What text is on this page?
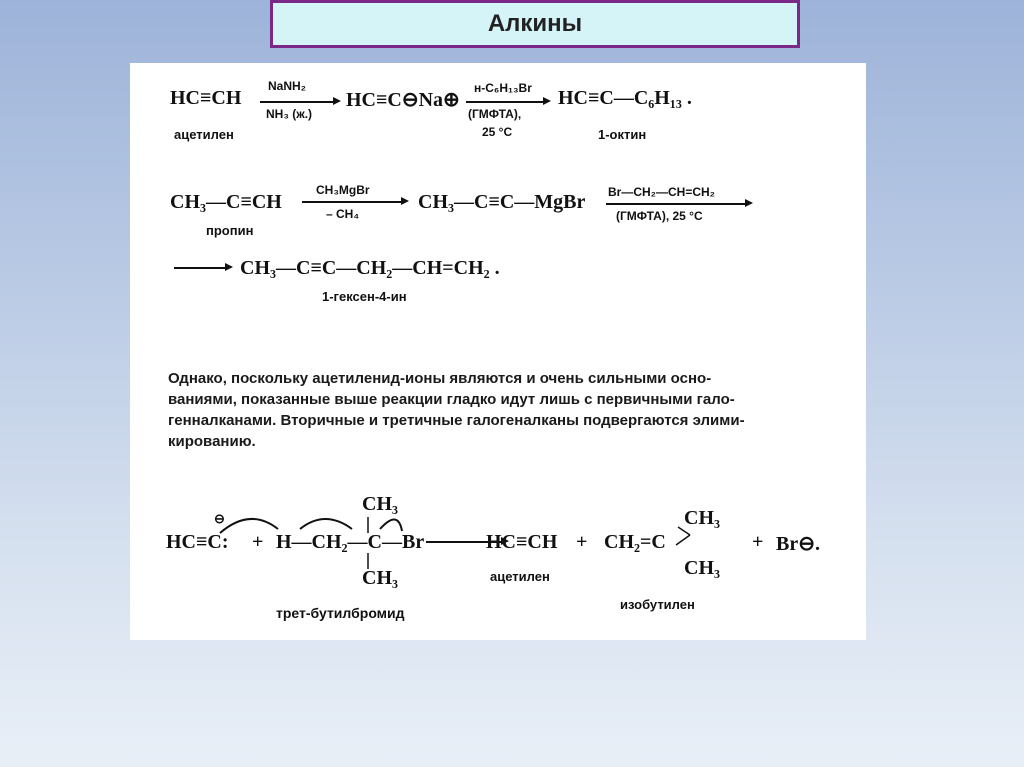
Алкины
HC≡CH
ацетилен
NaNH₂
NH₃ (ж.)
HC≡C⊖Na⊕
н-C₆H₁₃Br
(ГМФТА),
25 °C
HC≡C—C₆H₁₃ .
1-октин
CH₃—C≡CH
пропин
CH₃MgBr
– CH₄
CH₃—C≡C—MgBr Br—CH₂—CH=CH₂
(ГМФТА), 25 °C
CH₃—C≡C—CH₂—CH=CH₂ .
1-гексен-4-ин
Однако, поскольку ацетиленид-ионы являются и очень сильными осно-
ваниями, показанные выше реакции гладко идут лишь с первичными гало-
генналканами. Вторичные и третичные галогеналканы подвергаются элими-
кированию.
⊖
HC≡C: +
CH₃
H—CH₂—C—Br
CH₃
трет-бутилбромид
HC≡CH
ацетилен
+ CH₂=C
CH₃
CH₃
изобутилен
+ Br⊖.
